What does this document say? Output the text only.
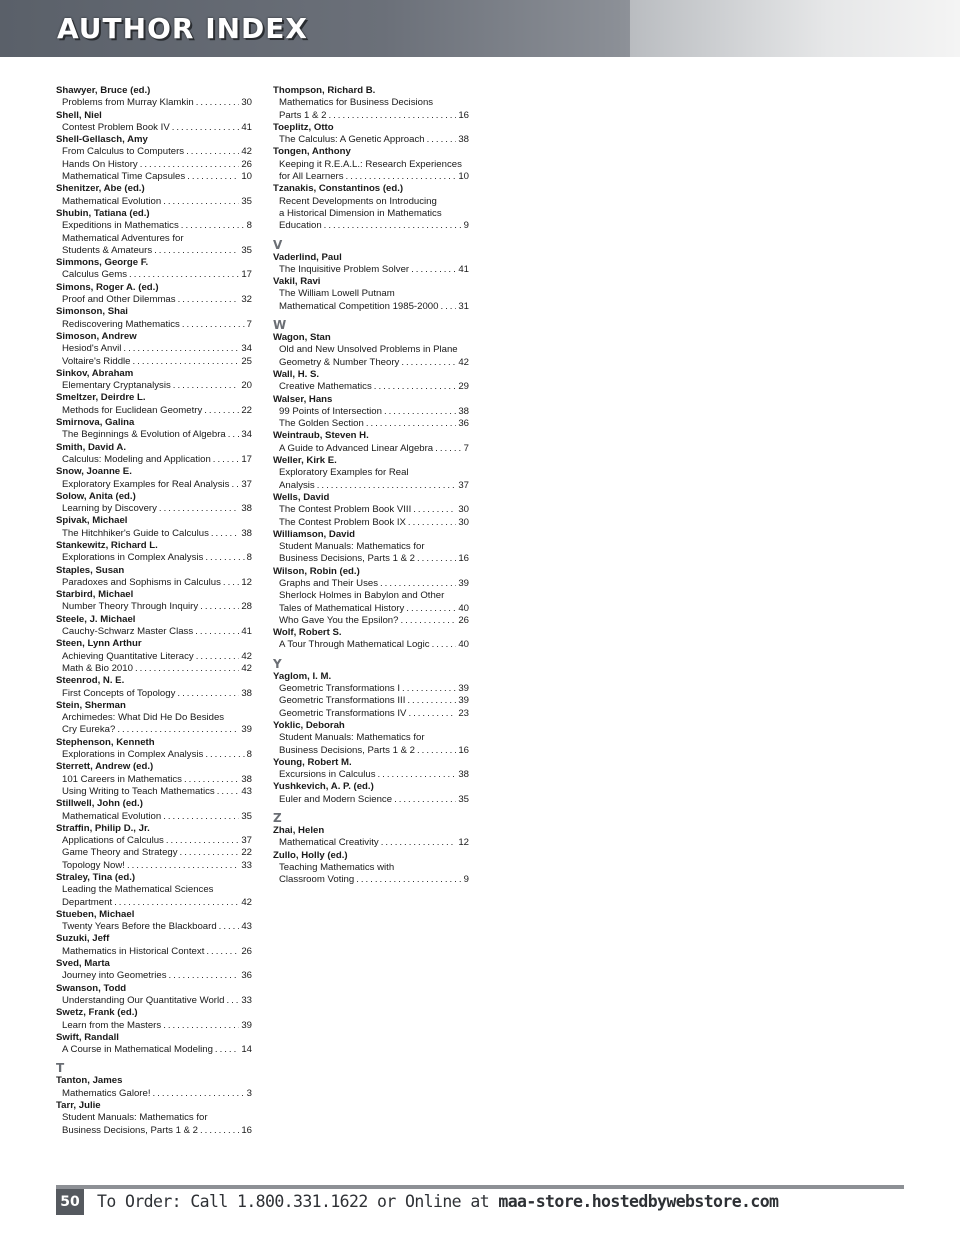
AUTHOR INDEX
Shawyer, Bruce (ed.)
Problems from Murray Klamkin .....	30
Shell, Niel
Contest Problem Book IV .....	41
Shell-Gellasch, Amy
From Calculus to Computers .....	42
Hands On History .....	26
Mathematical Time Capsules .....	10
Shenitzer, Abe (ed.)
Mathematical Evolution .....	35
Shubin, Tatiana (ed.)
Expeditions in Mathematics .....	8
Mathematical Adventures for
Students & Amateurs .....	35
Simmons, George F.
Calculus Gems .....	17
Simons, Roger A. (ed.)
Proof and Other Dilemmas .....	32
Simonson, Shai
Rediscovering Mathematics .....	7
Simoson, Andrew
Hesiod's Anvil .....	34
Voltaire's Riddle .....	25
Sinkov, Abraham
Elementary Cryptanalysis .....	20
Smeltzer, Deirdre L.
Methods for Euclidean Geometry .....	22
Smirnova, Galina
The Beginnings & Evolution of Algebra ..... 34
Smith, David A.
Calculus: Modeling and Application .....	17
Snow, Joanne E.
Exploratory Examples for Real Analysis ..... 37
Solow, Anita (ed.)
Learning by Discovery .....	38
Spivak, Michael
The Hitchhiker's Guide to Calculus .....	38
Stankewitz, Richard L.
Explorations in Complex Analysis .....	8
Staples, Susan
Paradoxes and Sophisms in Calculus ..... 12
Starbird, Michael
Number Theory Through Inquiry .....	28
Steele, J. Michael
Cauchy-Schwarz Master Class .....	41
Steen, Lynn Arthur
Achieving Quantitative Literacy .....	42
Math & Bio 2010 .....	42
Steenrod, N. E.
First Concepts of Topology .....	38
Stein, Sherman
Archimedes: What Did He Do Besides
Cry Eureka? .....	39
Stephenson, Kenneth
Explorations in Complex Analysis .....	8
Sterrett, Andrew (ed.)
101 Careers in Mathematics .....	38
Using Writing to Teach Mathematics .....	43
Stillwell, John (ed.)
Mathematical Evolution .....	35
Straffin, Philip D., Jr.
Applications of Calculus .....	37
Game Theory and Strategy .....	22
Topology Now! .....	33
Straley, Tina (ed.)
Leading the Mathematical Sciences
Department .....	42
Stueben, Michael
Twenty Years Before the Blackboard .....	43
Suzuki, Jeff
Mathematics in Historical Context .....	26
Sved, Marta
Journey into Geometries .....	36
Swanson, Todd
Understanding Our Quantitative World ..... 33
Swetz, Frank (ed.)
Learn from the Masters .....	39
Swift, Randall
A Course in Mathematical Modeling .....	14
T
Tanton, James
Mathematics Galore! .....	3
Tarr, Julie
Student Manuals: Mathematics for
Business Decisions, Parts 1 & 2 .....	16
Thompson, Richard B.
Mathematics for Business Decisions
Parts 1 & 2 .....	16
Toeplitz, Otto
The Calculus: A Genetic Approach .....	38
Tongen, Anthony
Keeping it R.E.A.L.: Research Experiences
for All Learners .....	10
Tzanakis, Constantinos (ed.)
Recent Developments on Introducing
a Historical Dimension in Mathematics
Education .....	9
V
Vaderlind, Paul
The Inquisitive Problem Solver .....	41
Vakil, Ravi
The William Lowell Putnam
Mathematical Competition 1985-2000 ..... 31
W
Wagon, Stan
Old and New Unsolved Problems in Plane
Geometry & Number Theory .....	42
Wall, H. S.
Creative Mathematics .....	29
Walser, Hans
99 Points of Intersection .....	38
The Golden Section .....	36
Weintraub, Steven H.
A Guide to Advanced Linear Algebra .....	7
Weller, Kirk E.
Exploratory Examples for Real
Analysis .....	37
Wells, David
The Contest Problem Book VIII .....	30
The Contest Problem Book IX .....	30
Williamson, David
Student Manuals: Mathematics for
Business Decisions, Parts 1 & 2 .....	16
Wilson, Robin (ed.)
Graphs and Their Uses .....	39
Sherlock Holmes in Babylon and Other
Tales of Mathematical History .....	40
Who Gave You the Epsilon? .....	26
Wolf, Robert S.
A Tour Through Mathematical Logic .....	40
Y
Yaglom, I. M.
Geometric Transformations I .....	39
Geometric Transformations III .....	39
Geometric Transformations IV .....	23
Yoklic, Deborah
Student Manuals: Mathematics for
Business Decisions, Parts 1 & 2 .....	16
Young, Robert M.
Excursions in Calculus .....	38
Yushkevich, A. P. (ed.)
Euler and Modern Science .....	35
Z
Zhai, Helen
Mathematical Creativity .....	12
Zullo, Holly (ed.)
Teaching Mathematics with
Classroom Voting .....	9
50 To Order: Call 1.800.331.1622 or Online at maa-store.hostedbywebstore.com
